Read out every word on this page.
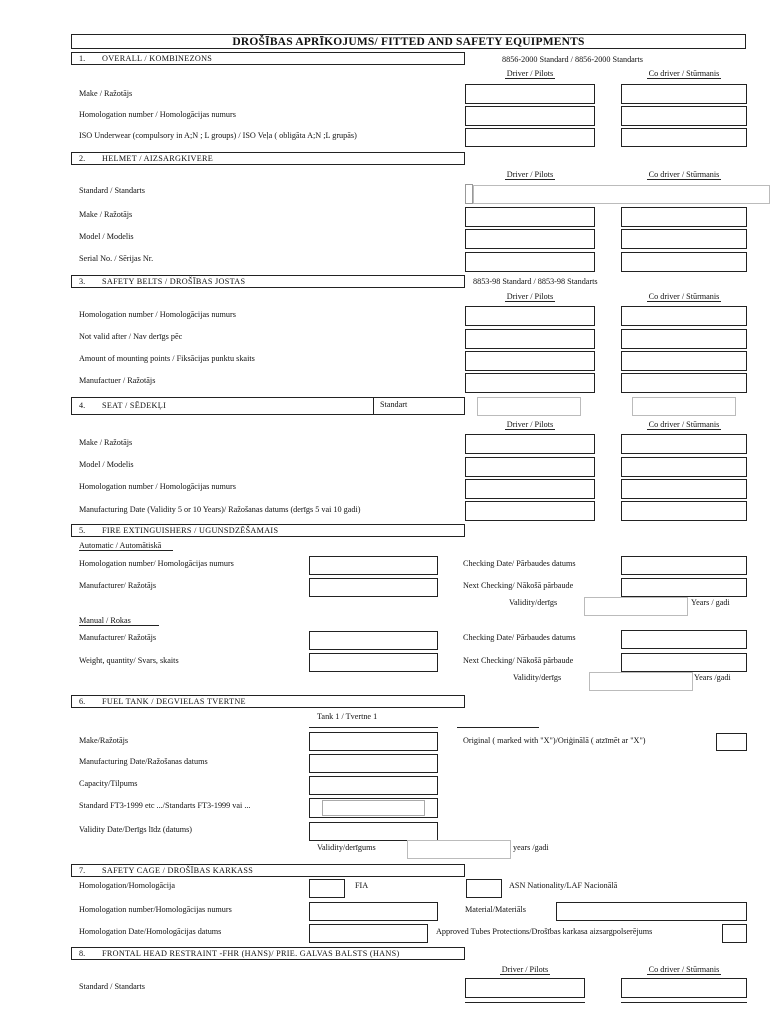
DROŠĪBAS APRĪKOJUMS/ FITTED AND SAFETY EQUIPMENTS
1. OVERALL / KOMBINEZONS	8856-2000 Standard / 8856-2000 Standarts
Driver / Pilots	Co driver / Stūrmanis
Make / Ražotājs
Homologation number / Homologācijas numurs
ISO Underwear (compulsory in A;N ; L groups) / ISO Veļa ( obligāta A;N ;L grupās)
2. HELMET / AIZSARGKIVERE
Driver / Pilots	Co driver / Stūrmanis
Standard / Standarts
Make / Ražotājs
Model / Modelis
Serial No. / Sērijas Nr.
3. SAFETY BELTS / DROŠĪBAS JOSTAS	8853-98 Standard / 8853-98 Standarts
Driver / Pilots	Co driver / Stūrmanis
Homologation number / Homologācijas numurs
Not valid after / Nav derīgs pēc
Amount of mounting points / Fiksācijas punktu skaits
Manufactuer / Ražotājs
4. SEAT / SĒDEKĻI	Standart
Driver / Pilots	Co driver / Stūrmanis
Make / Ražotājs
Model / Modelis
Homologation number / Homologācijas numurs
Manufacturing Date (Validity 5 or 10 Years)/ Ražošanas datums (derīgs 5 vai 10 gadi)
5. FIRE EXTINGUISHERS / UGUNSDZĒŠAMAIS
Automatic / Automātiskā
Homologation number/ Homologācijas numurs	Checking Date/ Pārbaudes datums
Manufacturer/ Ražotājs	Next Checking/ Nākošā pārbaude
Validity/derīgs	Years / gadi
Manual / Rokas
Manufacturer/ Ražotājs	Checking Date/ Pārbaudes datums
Weight, quantity/ Svars, skaits	Next Checking/ Nākošā pārbaude
Validity/derīgs	Years /gadi
6. FUEL TANK / DEGVIELAS TVERTNE
Tank 1 / Tvertne 1
Make/Ražotājs	Original ( marked with "X")/Oriģinālā ( atzīmēt ar "X")
Manufacturing Date/Ražošanas datums
Capacity/Tilpums
Standard FT3-1999 etc .../Standarts FT3-1999 vai ...
Validity Date/Derīgs līdz (datums)
Validity/derīgums	years /gadi
7. SAFETY CAGE / DROŠĪBAS KARKASS
Homologation/Homologācija	FIA	ASN Nationality/LAF Nacionālā
Homologation number/Homologācijas numurs	Material/Materiāls
Homologation Date/Homologācijas datums	Approved Tubes Protections/Drošības karkasa aizsargpolserējums
8. FRONTAL HEAD RESTRAINT -FHR (HANS)/ PRIE. GALVAS BALSTS (HANS)
Driver / Pilots	Co driver / Stūrmanis
Standard / Standarts
